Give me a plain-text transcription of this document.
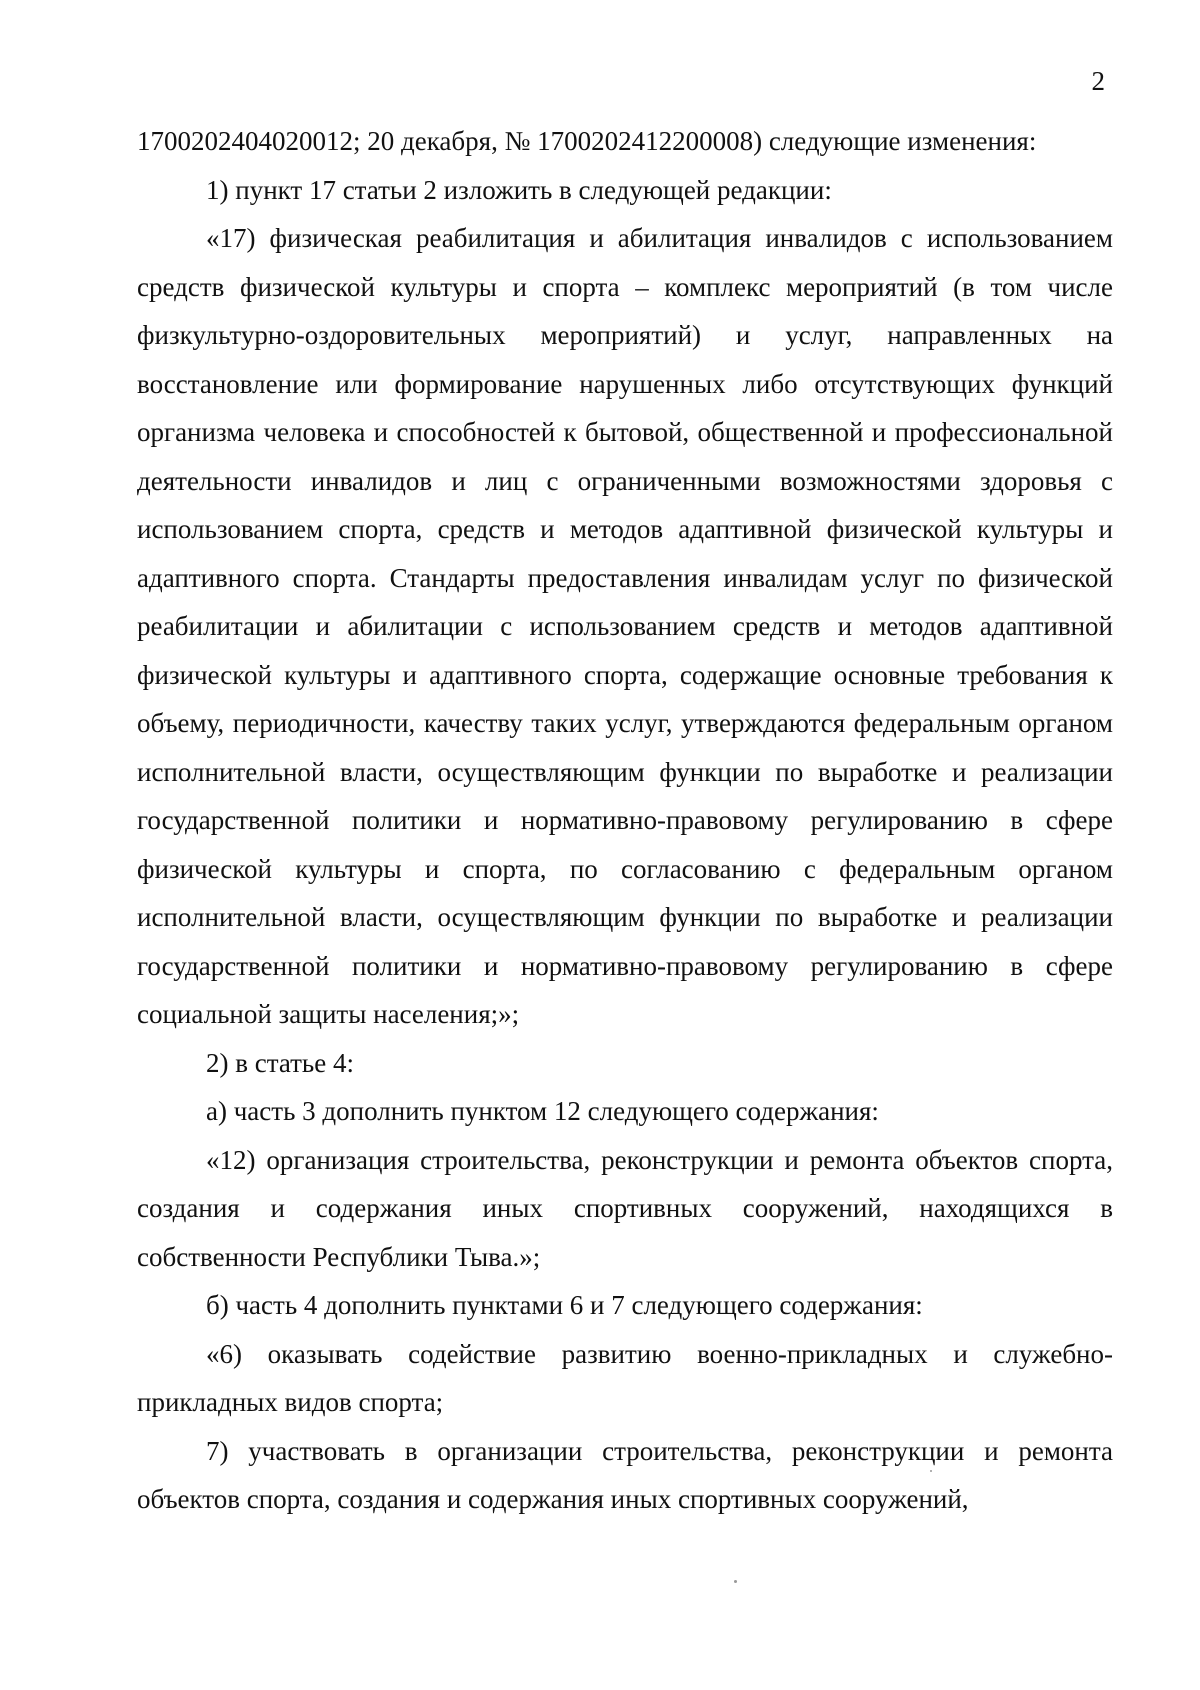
2

1700202404020012; 20 декабря, № 1700202412200008) следующие изменения:

1) пункт 17 статьи 2 изложить в следующей редакции:

«17) физическая реабилитация и абилитация инвалидов с использованием средств физической культуры и спорта – комплекс мероприятий (в том числе физкультурно-оздоровительных мероприятий) и услуг, направленных на восстановление или формирование нарушенных либо отсутствующих функций организма человека и способностей к бытовой, общественной и профессиональной деятельности инвалидов и лиц с ограниченными возможностями здоровья с использованием спорта, средств и методов адаптивной физической культуры и адаптивного спорта. Стандарты предоставления инвалидам услуг по физической реабилитации и абилитации с использованием средств и методов адаптивной физической культуры и адаптивного спорта, содержащие основные требования к объему, периодичности, качеству таких услуг, утверждаются федеральным органом исполнительной власти, осуществляющим функции по выработке и реализации государственной политики и нормативно-правовому регулированию в сфере физической культуры и спорта, по согласованию с федеральным органом исполнительной власти, осуществляющим функции по выработке и реализации государственной политики и нормативно-правовому регулированию в сфере социальной защиты населения;»;

2) в статье 4:

а) часть 3 дополнить пунктом 12 следующего содержания:

«12) организация строительства, реконструкции и ремонта объектов спорта, создания и содержания иных спортивных сооружений, находящихся в собственности Республики Тыва.»;

б) часть 4 дополнить пунктами 6 и 7 следующего содержания:

«6) оказывать содействие развитию военно-прикладных и служебно-прикладных видов спорта;

7) участвовать в организации строительства, реконструкции и ремонта объектов спорта, создания и содержания иных спортивных сооружений,
